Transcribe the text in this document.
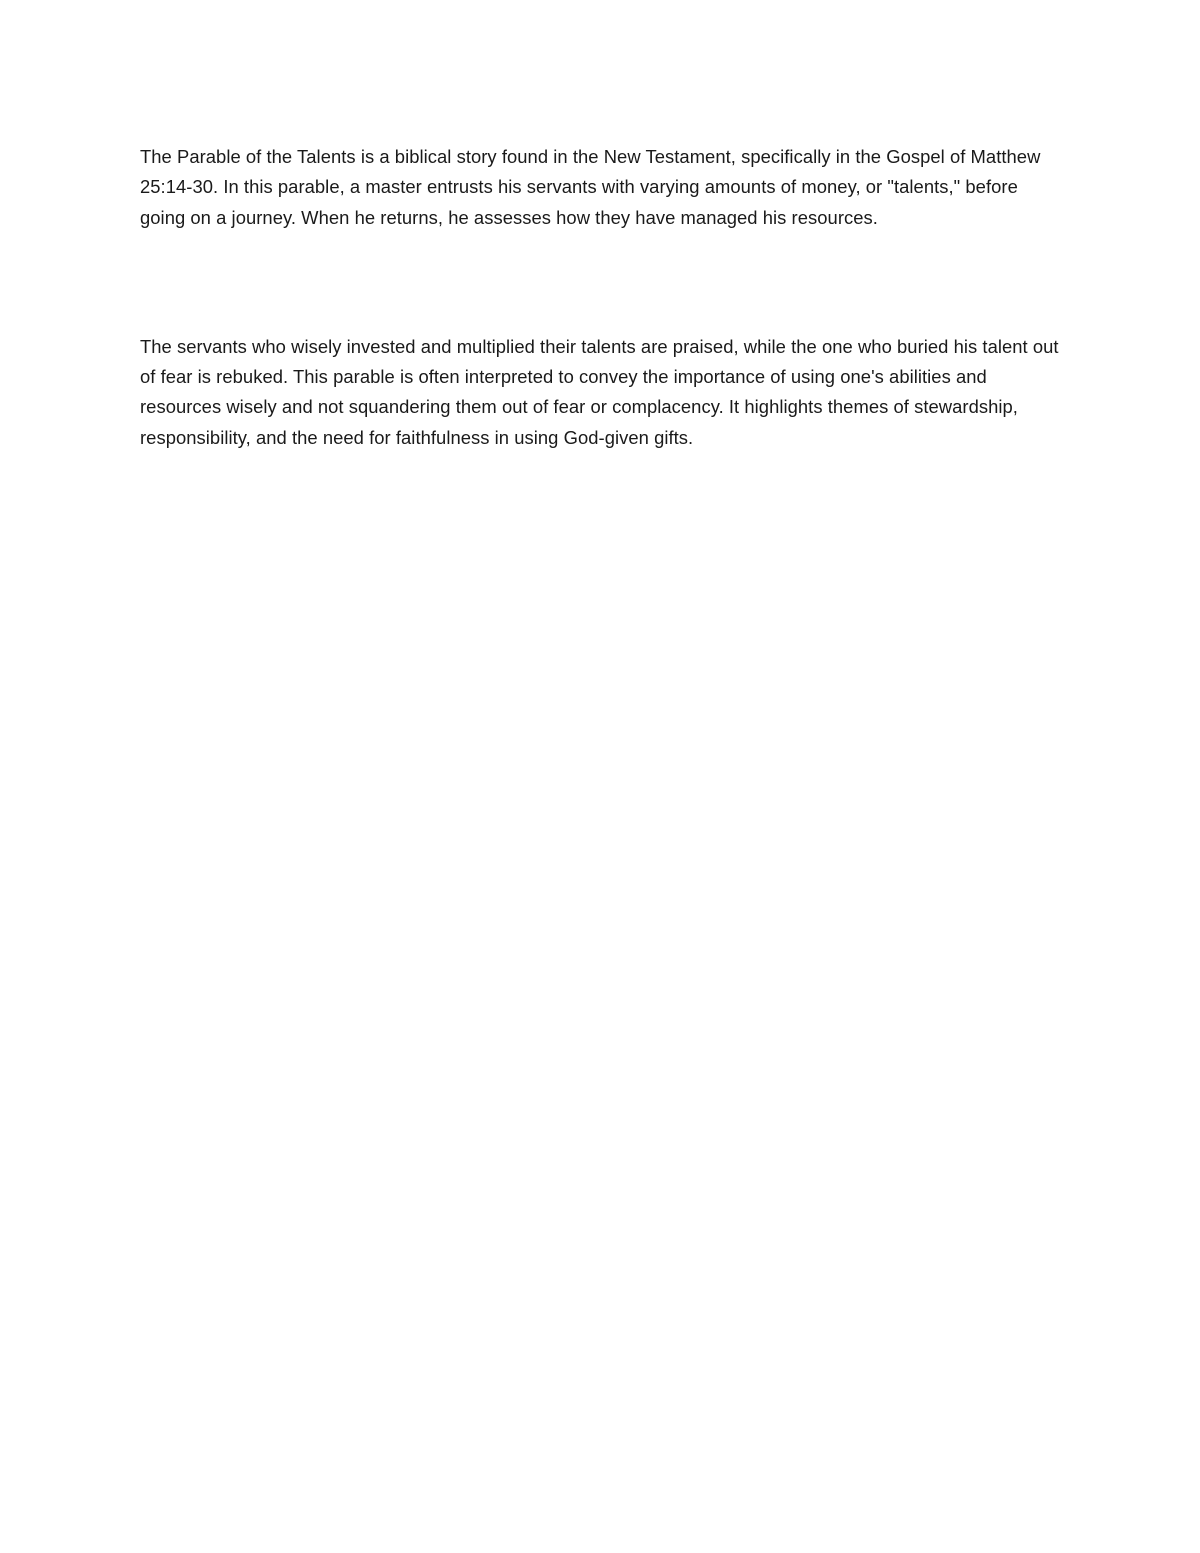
The Parable of the Talents is a biblical story found in the New Testament, specifically in the Gospel of Matthew 25:14-30. In this parable, a master entrusts his servants with varying amounts of money, or "talents," before going on a journey. When he returns, he assesses how they have managed his resources.

The servants who wisely invested and multiplied their talents are praised, while the one who buried his talent out of fear is rebuked. This parable is often interpreted to convey the importance of using one's abilities and resources wisely and not squandering them out of fear or complacency. It highlights themes of stewardship, responsibility, and the need for faithfulness in using God-given gifts.
